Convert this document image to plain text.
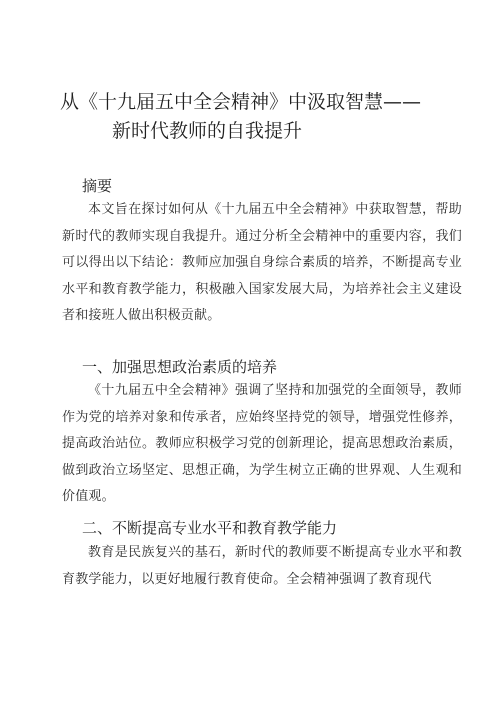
从《十九届五中全会精神》中汲取智慧——
新时代教师的自我提升
摘要
本文旨在探讨如何从《十九届五中全会精神》中获取智慧，帮助新时代的教师实现自我提升。通过分析全会精神中的重要内容，我们可以得出以下结论：教师应加强自身综合素质的培养，不断提高专业水平和教育教学能力，积极融入国家发展大局，为培养社会主义建设者和接班人做出积极贡献。
一、加强思想政治素质的培养
《十九届五中全会精神》强调了坚持和加强党的全面领导，教师作为党的培养对象和传承者，应始终坚持党的领导，增强党性修养，提高政治站位。教师应积极学习党的创新理论，提高思想政治素质，做到政治立场坚定、思想正确，为学生树立正确的世界观、人生观和价值观。
二、不断提高专业水平和教育教学能力
教育是民族复兴的基石，新时代的教师要不断提高专业水平和教育教学能力，以更好地履行教育使命。全会精神强调了教育现代
